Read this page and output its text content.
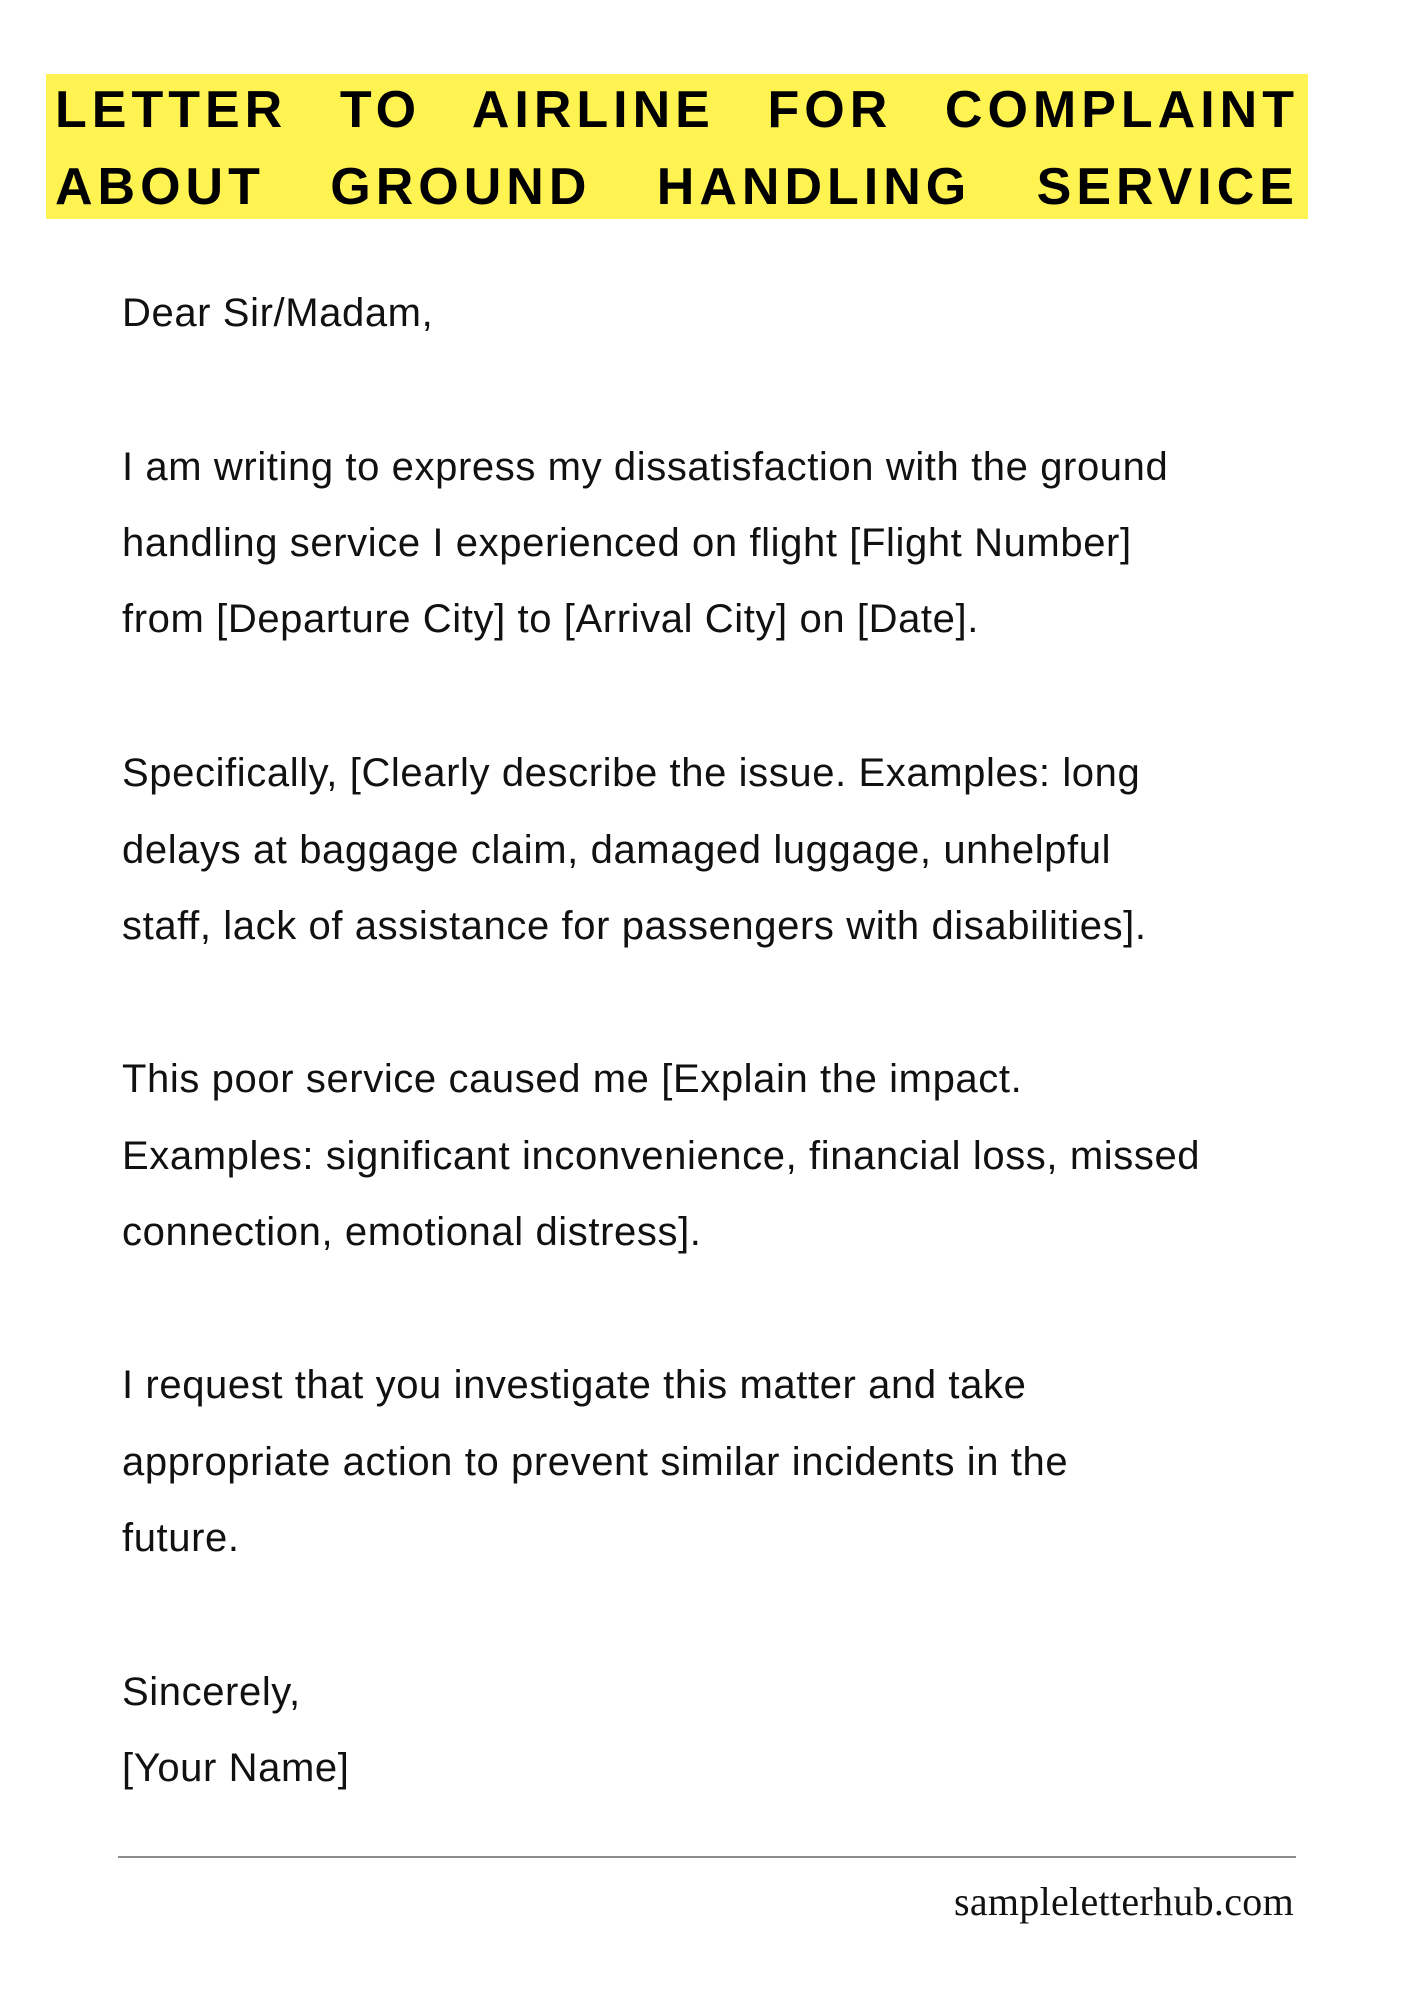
LETTER TO AIRLINE FOR COMPLAINT
ABOUT GROUND HANDLING SERVICE
Dear Sir/Madam,
I am writing to express my dissatisfaction with the ground
handling service I experienced on flight [Flight Number]
from [Departure City] to [Arrival City] on [Date].
Specifically, [Clearly describe the issue. Examples: long
delays at baggage claim, damaged luggage, unhelpful
staff, lack of assistance for passengers with disabilities].
This poor service caused me [Explain the impact.
Examples: significant inconvenience, financial loss, missed
connection, emotional distress].
I request that you investigate this matter and take
appropriate action to prevent similar incidents in the
future.
Sincerely,
[Your Name]
sampleletterhub.com
